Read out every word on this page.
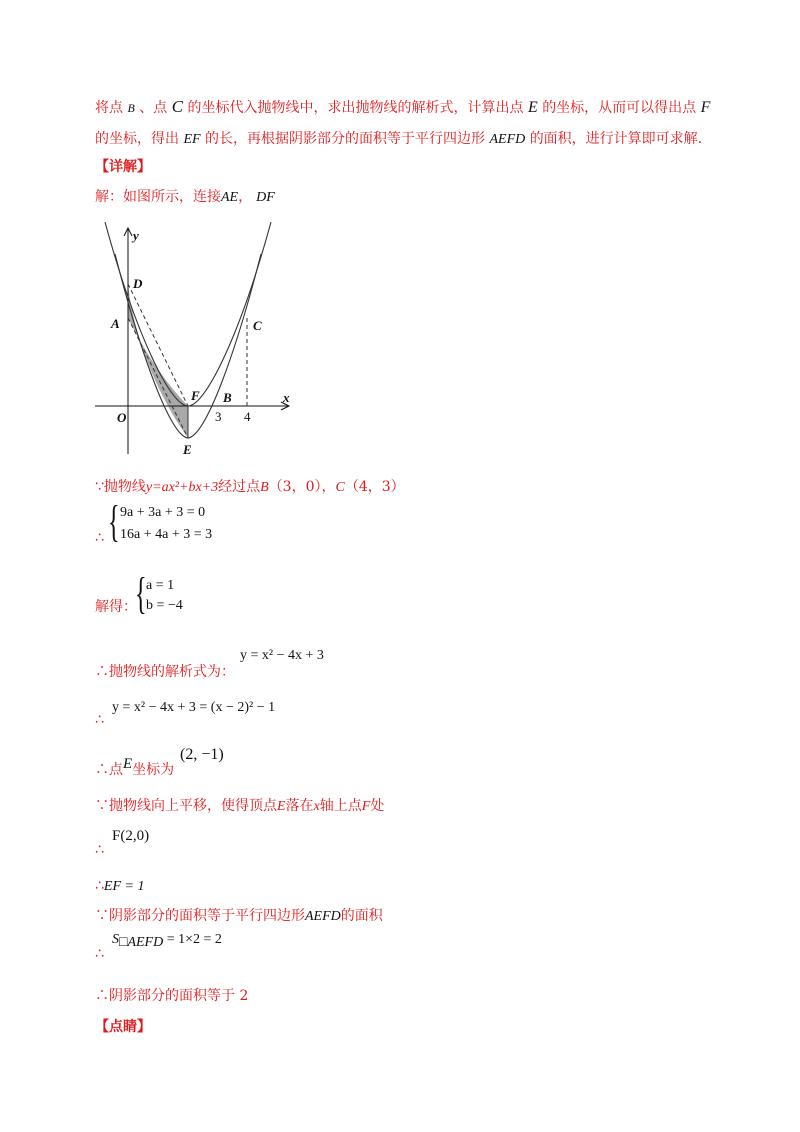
将点 B 、点 C 的坐标代入抛物线中，求出抛物线的解析式，计算出点 E 的坐标，从而可以得出点 F
的坐标，得出 EF 的长，再根据阴影部分的面积等于平行四边形 AEFD 的面积，进行计算即可求解.
【详解】
解：如图所示，连接AE， DF
y
x
O
A
D
F B
C
E
3 4
∵抛物线y=ax²+bx+3经过点B（3，0），C（4，3）
∴ { 9a + 3a + 3 = 0
16a + 4a + 3 = 3
解得：
{ a = 1
b = −4
∴抛物线的解析式为：
y = x² − 4x + 3
∴
y = x² − 4x + 3 = (x − 2)² − 1
∴点E坐标为
(2, −1)
∵抛物线向上平移，使得顶点E落在x轴上点F处
∴
F(2,0)
∴EF = 1
∵阴影部分的面积等于平行四边形AEFD的面积
∴
$S_{□AEFD} = 1\times 2 = 2$
∴阴影部分的面积等于 2
【点睛】
